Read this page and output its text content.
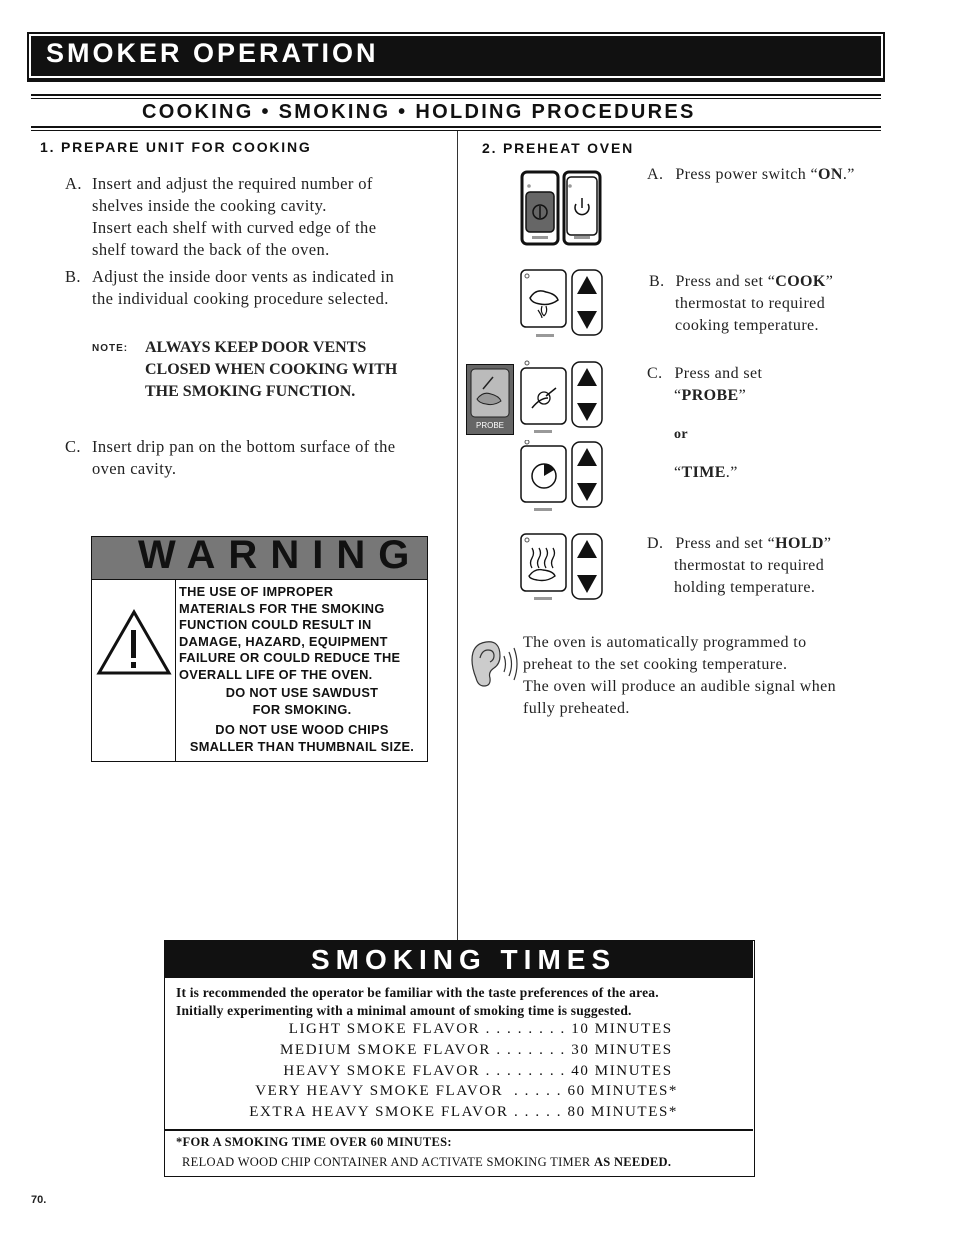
SMOKER OPERATION
COOKING • SMOKING • HOLDING PROCEDURES
1. PREPARE UNIT FOR COOKING
A. Insert and adjust the required number of
shelves inside the cooking cavity.
Insert each shelf with curved edge of the
shelf toward the back of the oven.
B. Adjust the inside door vents as indicated in
the individual cooking procedure selected.
NOTE: ALWAYS KEEP DOOR VENTS
CLOSED WHEN COOKING WITH
THE SMOKING FUNCTION.
C. Insert drip pan on the bottom surface of the
oven cavity.
WARNING
THE USE OF IMPROPER
MATERIALS FOR THE SMOKING
FUNCTION COULD RESULT IN
DAMAGE, HAZARD, EQUIPMENT
FAILURE OR COULD REDUCE THE
OVERALL LIFE OF THE OVEN.
DO NOT USE SAWDUST
FOR SMOKING.
DO NOT USE WOOD CHIPS
SMALLER THAN THUMBNAIL SIZE.
2. PREHEAT OVEN
A. Press power switch “ON.”
B. Press and set “COOK”
thermostat to required
cooking temperature.
PROBE
C. Press and set
“PROBE”
or
“TIME.”
D. Press and set “HOLD”
thermostat to required
holding temperature.
The oven is automatically programmed to
preheat to the set cooking temperature.
The oven will produce an audible signal when
fully preheated.
SMOKING TIMES
It is recommended the operator be familiar with the taste preferences of the area.
Initially experimenting with a minimal amount of smoking time is suggested.
LIGHT SMOKE FLAVOR . . . . . . . . 10 MINUTES
MEDIUM SMOKE FLAVOR . . . . . . . 30 MINUTES
HEAVY SMOKE FLAVOR . . . . . . . . 40 MINUTES
VERY HEAVY SMOKE FLAVOR  . . . . . 60 MINUTES*
EXTRA HEAVY SMOKE FLAVOR . . . . . 80 MINUTES*
*FOR A SMOKING TIME OVER 60 MINUTES:
RELOAD WOOD CHIP CONTAINER AND ACTIVATE SMOKING TIMER AS NEEDED.
70.
